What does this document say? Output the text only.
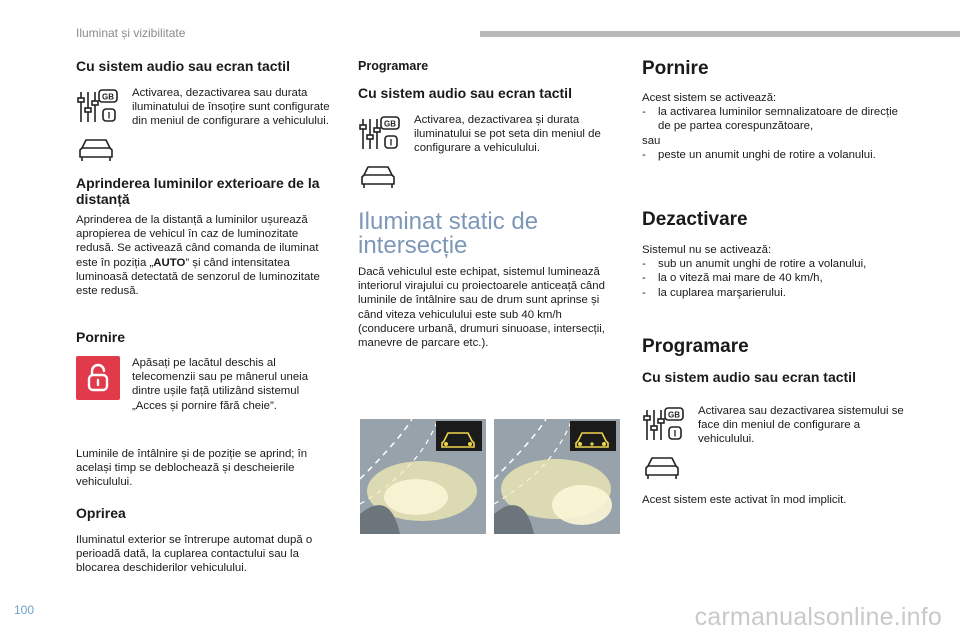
Iluminat și vizibilitate
100	carmanualsonline.info
Cu sistem audio sau ecran tactil
GB
I
Activarea, dezactivarea sau durata iluminatului de însoțire sunt configurate din meniul de configurare a vehiculului.
Aprinderea luminilor exterioare de la distanță

Aprinderea de la distanță a luminilor ușurează apropierea de vehicul în caz de luminozitate redusă. Se activează când comanda de iluminat este în poziția „AUTO” și când intensitatea luminoasă detectată de senzorul de luminozitate este redusă.

Pornire
Apăsați pe lacătul deschis al telecomenzii sau pe mânerul uneia dintre ușile față utilizând sistemul „Acces și pornire fără cheie”.

Luminile de întâlnire și de poziție se aprind; în același timp se deblochează și descheierile vehiculului.

Oprirea

Iluminatul exterior se întrerupe automat după o perioadă dată, la cuplarea contactului sau la blocarea deschiderilor vehiculului.

Programare
Cu sistem audio sau ecran tactil
GB
I
Activarea, dezactivarea și durata iluminatului se pot seta din meniul de configurare a vehiculului.
Iluminat static de
intersecție

Dacă vehiculul este echipat, sistemul luminează interiorul virajului cu proiectoarele anticeață când luminile de întâlnire sau de drum sunt aprinse și când viteza vehiculului este sub 40 km/h (conducere urbană, drumuri sinuoase, intersecții, manevre de parcare etc.).

Pornire
Acest sistem se activează:
-	la activarea luminilor semnalizatoare de direcție de pe partea corespunzătoare,
sau
-	peste un anumit unghi de rotire a volanului.
Dezactivare
Sistemul nu se activează:
-	sub un anumit unghi de rotire a volanului,
-	la o viteză mai mare de 40 km/h,
-	la cuplarea marşarierului.
Programare
Cu sistem audio sau ecran tactil
GB
I
Activarea sau dezactivarea sistemului se face din meniul de configurare a vehiculului.

Acest sistem este activat în mod implicit.
